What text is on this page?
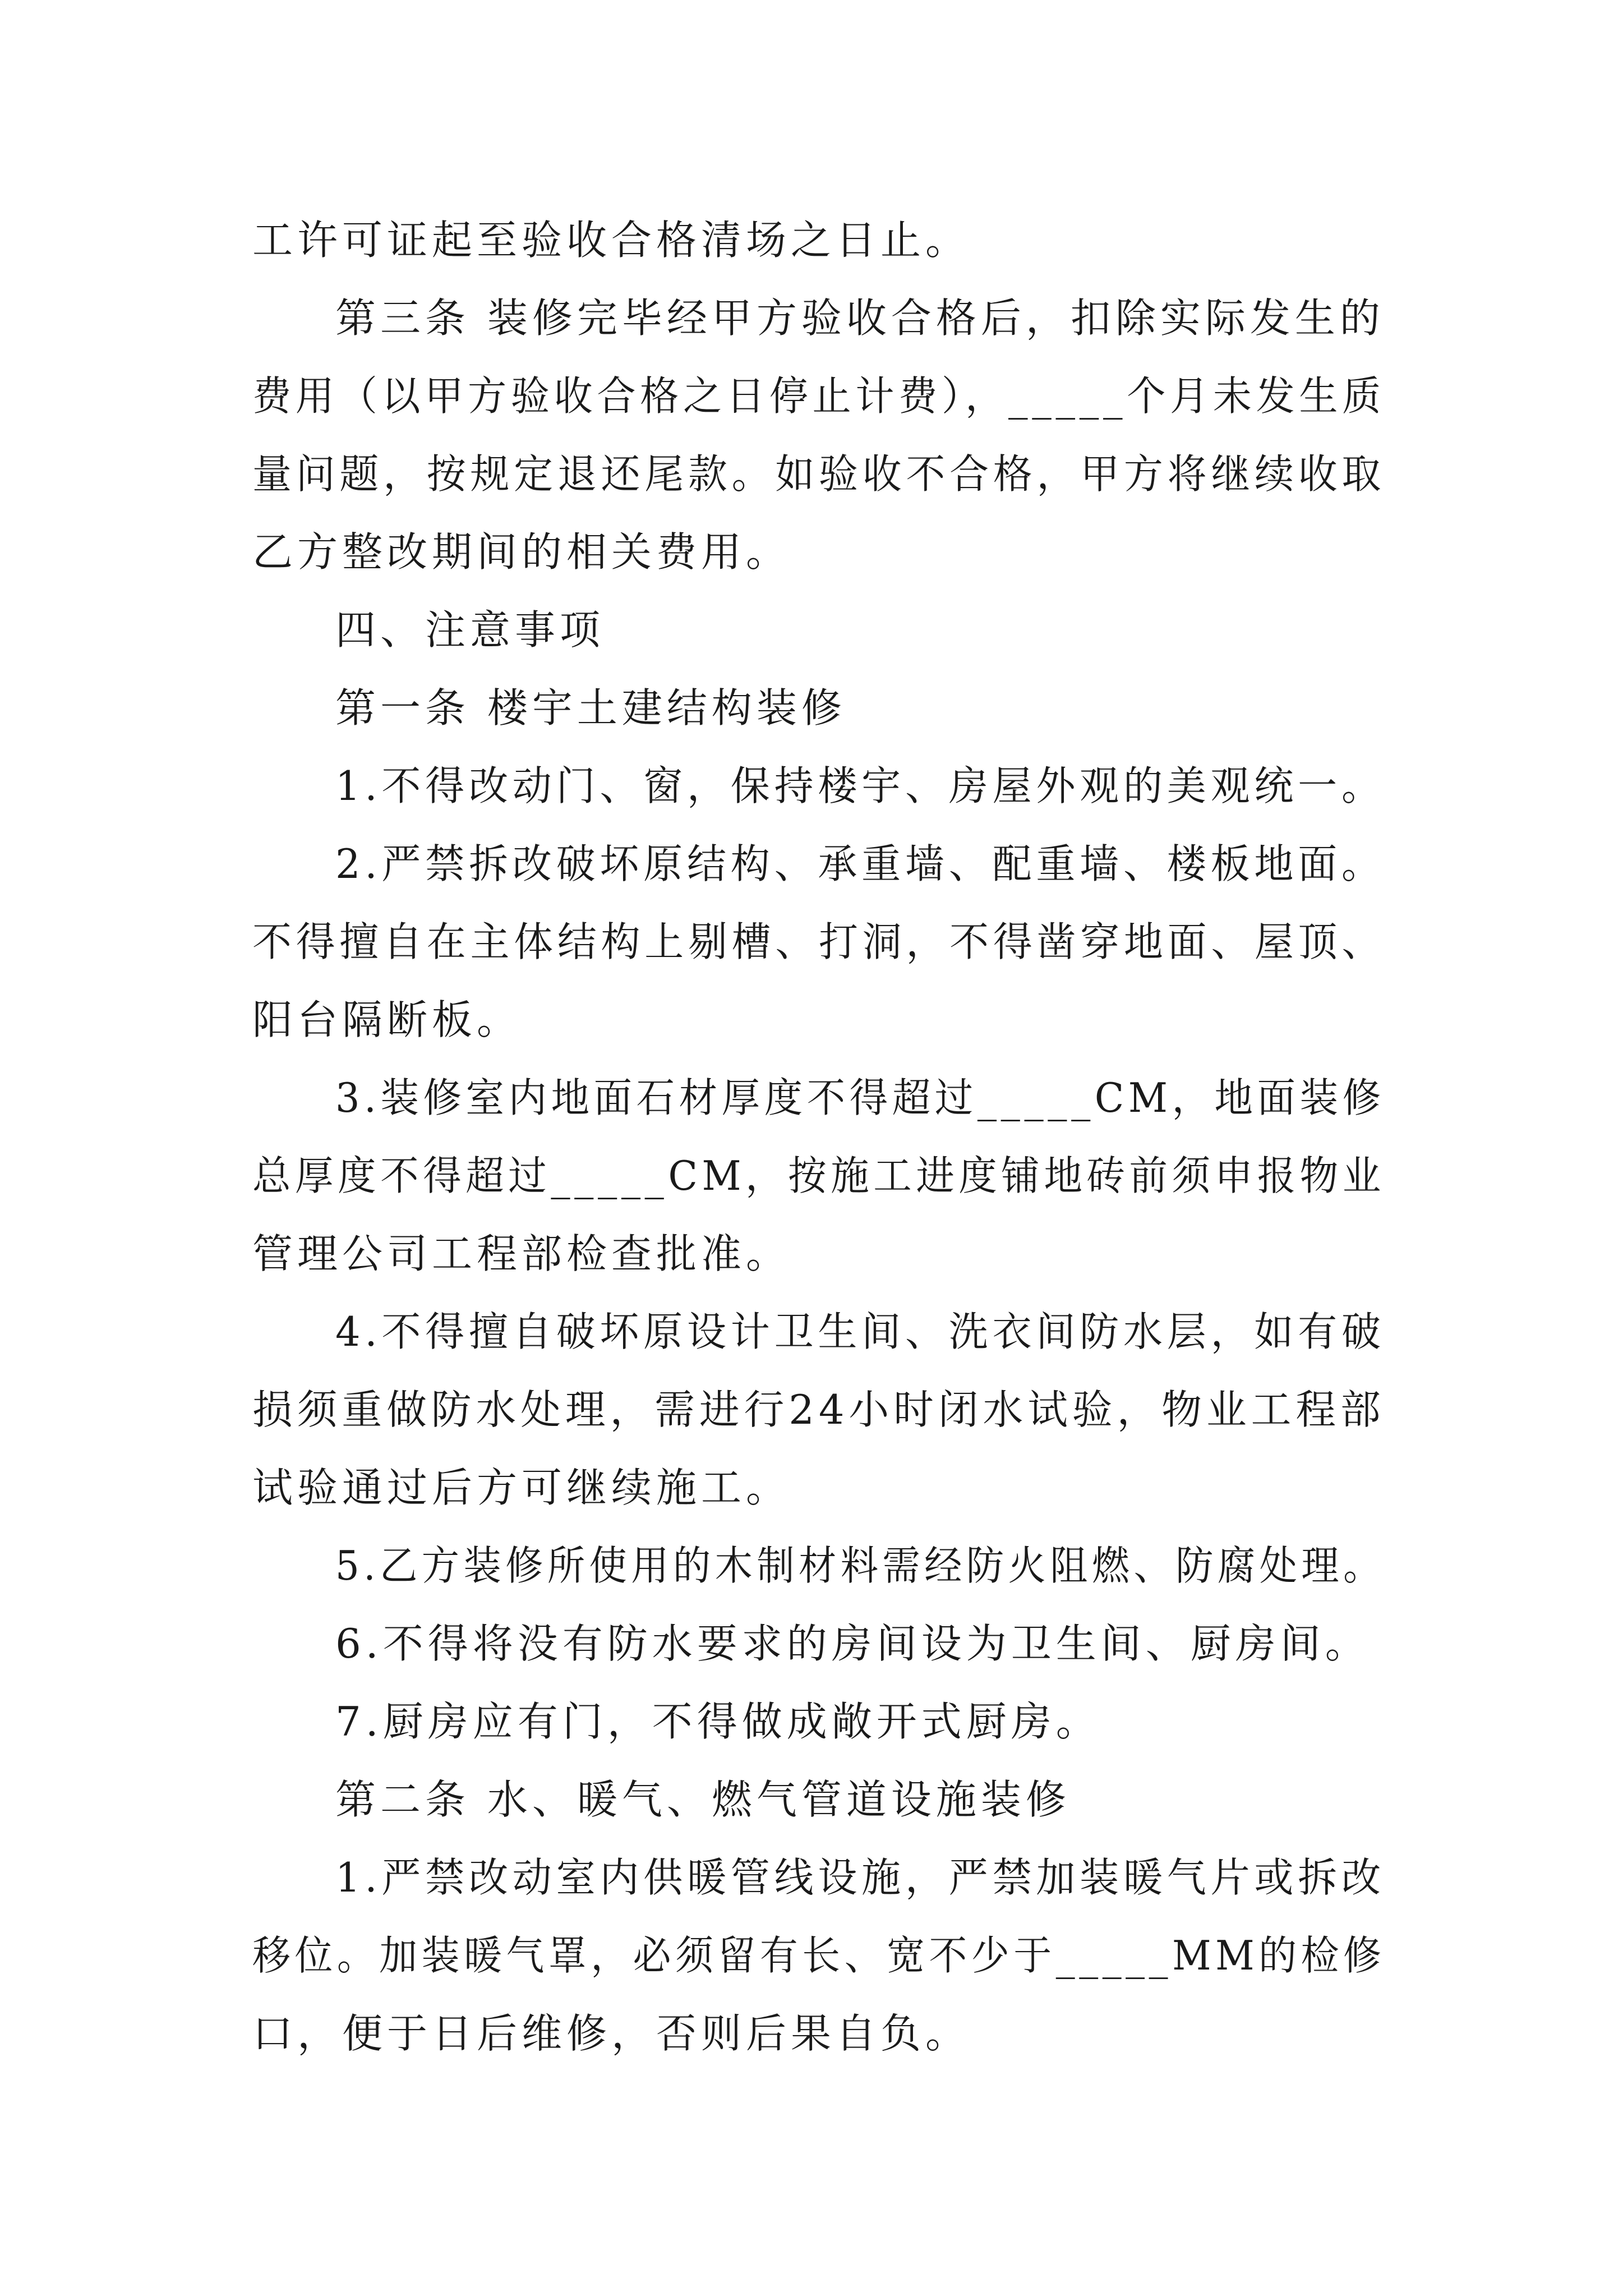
工许可证起至验收合格清场之日止。
第三条 装修完毕经甲方验收合格后，扣除实际发生的
费用（以甲方验收合格之日停止计费），_____个月未发生质
量问题，按规定退还尾款。如验收不合格，甲方将继续收取
乙方整改期间的相关费用。
四、注意事项
第一条 楼宇土建结构装修
1.不得改动门、窗，保持楼宇、房屋外观的美观统一。
2.严禁拆改破坏原结构、承重墙、配重墙、楼板地面。
不得擅自在主体结构上剔槽、打洞，不得凿穿地面、屋顶、
阳台隔断板。
3.装修室内地面石材厚度不得超过_____CM，地面装修
总厚度不得超过_____CM，按施工进度铺地砖前须申报物业
管理公司工程部检查批准。
4.不得擅自破坏原设计卫生间、洗衣间防水层，如有破
损须重做防水处理，需进行24小时闭水试验，物业工程部
试验通过后方可继续施工。
5.乙方装修所使用的木制材料需经防火阻燃、防腐处理。
6.不得将没有防水要求的房间设为卫生间、厨房间。
7.厨房应有门，不得做成敞开式厨房。
第二条 水、暖气、燃气管道设施装修
1.严禁改动室内供暖管线设施，严禁加装暖气片或拆改
移位。加装暖气罩，必须留有长、宽不少于_____MM的检修
口，便于日后维修，否则后果自负。
